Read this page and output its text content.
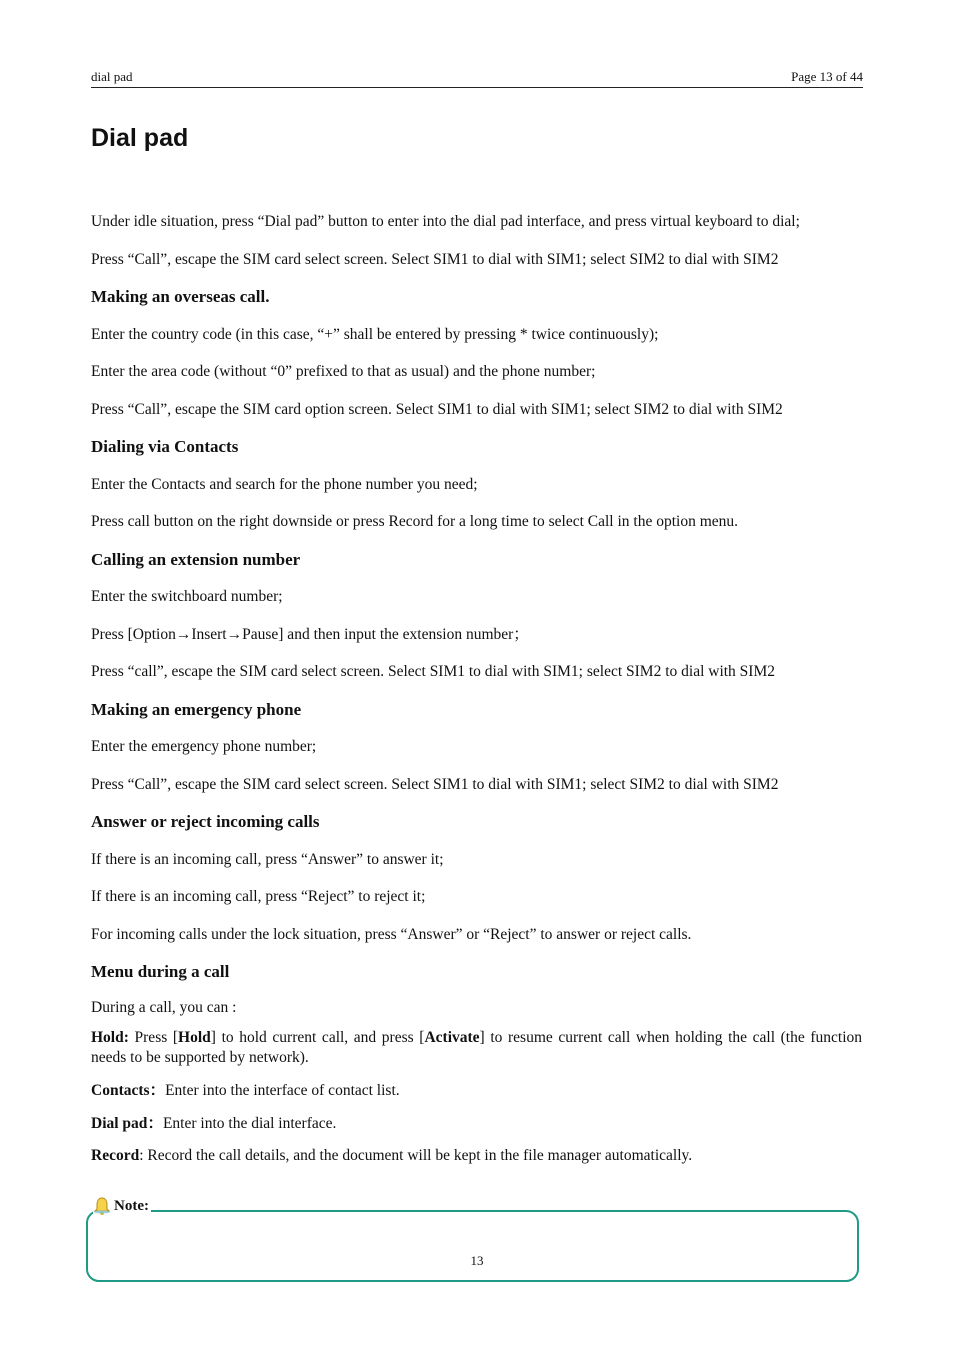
dial pad	Page 13 of 44
Dial pad

Under idle situation, press “Dial pad” button to enter into the dial pad interface, and press virtual keyboard to dial;

Press “Call”, escape the SIM card select screen. Select SIM1 to dial with SIM1; select SIM2 to dial with SIM2

Making an overseas call.

Enter the country code (in this case, “+” shall be entered by pressing * twice continuously);

Enter the area code (without “0” prefixed to that as usual) and the phone number;

Press “Call”, escape the SIM card option screen. Select SIM1 to dial with SIM1; select SIM2 to dial with SIM2

Dialing via Contacts

Enter the Contacts and search for the phone number you need;

Press call button on the right downside or press Record for a long time to select Call in the option menu.

Calling an extension number

Enter the switchboard number;

Press [Option→Insert→Pause] and then input the extension number；

Press “call”, escape the SIM card select screen. Select SIM1 to dial with SIM1; select SIM2 to dial with SIM2

Making an emergency phone

Enter the emergency phone number;

Press “Call”, escape the SIM card select screen. Select SIM1 to dial with SIM1; select SIM2 to dial with SIM2

Answer or reject incoming calls

If there is an incoming call, press “Answer” to answer it;

If there is an incoming call, press “Reject” to reject it;

For incoming calls under the lock situation, press “Answer” or “Reject” to answer or reject calls.

Menu during a call

During a call, you can :

Hold: Press [Hold] to hold current call, and press [Activate] to resume current call when holding the call (the function needs to be supported by network).

Contacts：Enter into the interface of contact list.

Dial pad：Enter into the dial interface.

Record: Record the call details, and the document will be kept in the file manager automatically.

Note:
13
